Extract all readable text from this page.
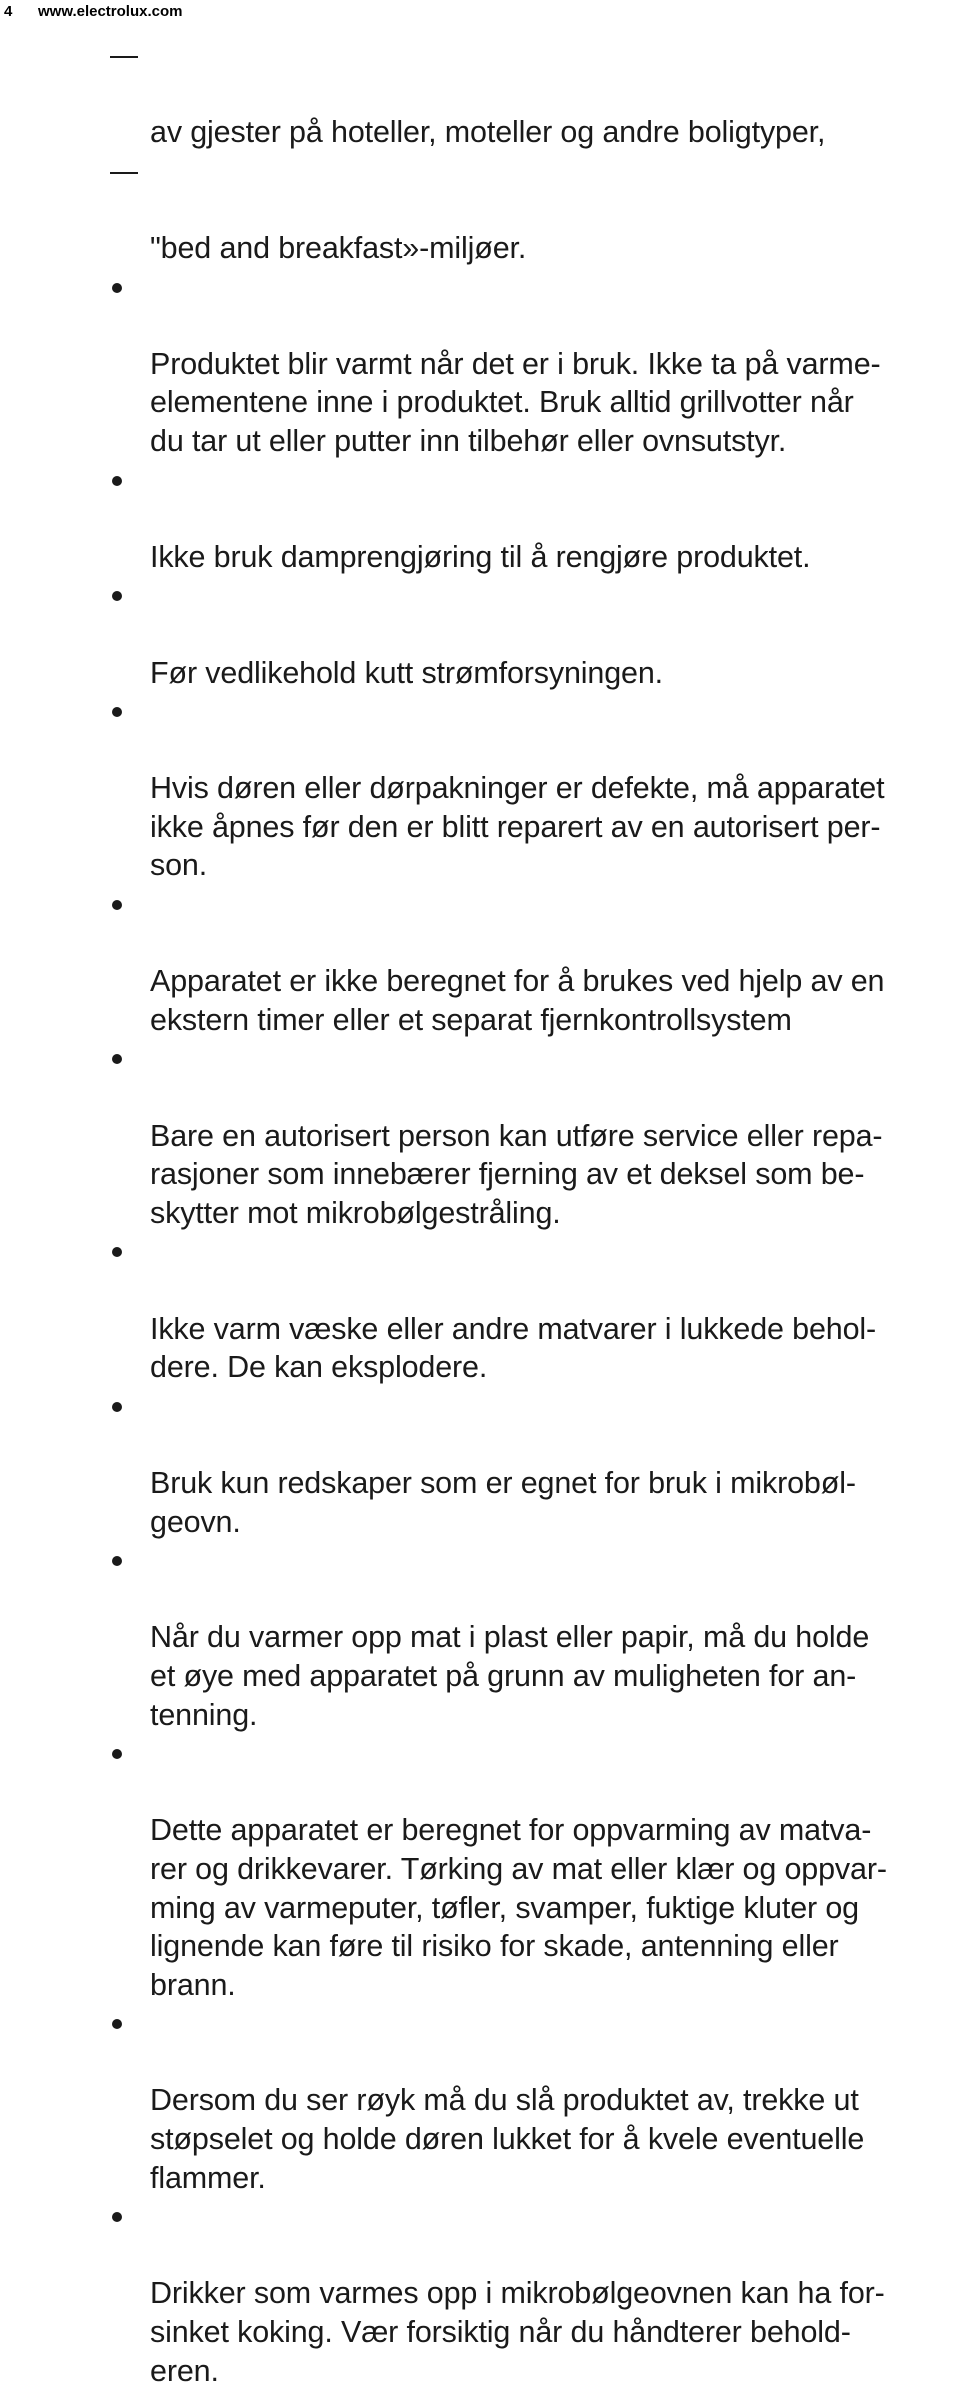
4	www.electrolux.com

av gjester på hoteller, moteller og andre boligtyper,

"bed and breakfast»-miljøer.

Produktet blir varmt når det er i bruk. Ikke ta på varme-
elementene inne i produktet. Bruk alltid grillvotter når
du tar ut eller putter inn tilbehør eller ovnsutstyr.

Ikke bruk damprengjøring til å rengjøre produktet.

Før vedlikehold kutt strømforsyningen.

Hvis døren eller dørpakninger er defekte, må apparatet
ikke åpnes før den er blitt reparert av en autorisert per-
son.

Apparatet er ikke beregnet for å brukes ved hjelp av en
ekstern timer eller et separat fjernkontrollsystem

Bare en autorisert person kan utføre service eller repa-
rasjoner som innebærer fjerning av et deksel som be-
skytter mot mikrobølgestråling.

Ikke varm væske eller andre matvarer i lukkede behol-
dere. De kan eksplodere.

Bruk kun redskaper som er egnet for bruk i mikrobøl-
geovn.

Når du varmer opp mat i plast eller papir, må du holde
et øye med apparatet på grunn av muligheten for an-
tenning.

Dette apparatet er beregnet for oppvarming av matva-
rer og drikkevarer. Tørking av mat eller klær og oppvar-
ming av varmeputer, tøfler, svamper, fuktige kluter og
lignende kan føre til risiko for skade, antenning eller
brann.

Dersom du ser røyk må du slå produktet av, trekke ut
støpselet og holde døren lukket for å kvele eventuelle
flammer.

Drikker som varmes opp i mikrobølgeovnen kan ha for-
sinket koking. Vær forsiktig når du håndterer behold-
eren.
